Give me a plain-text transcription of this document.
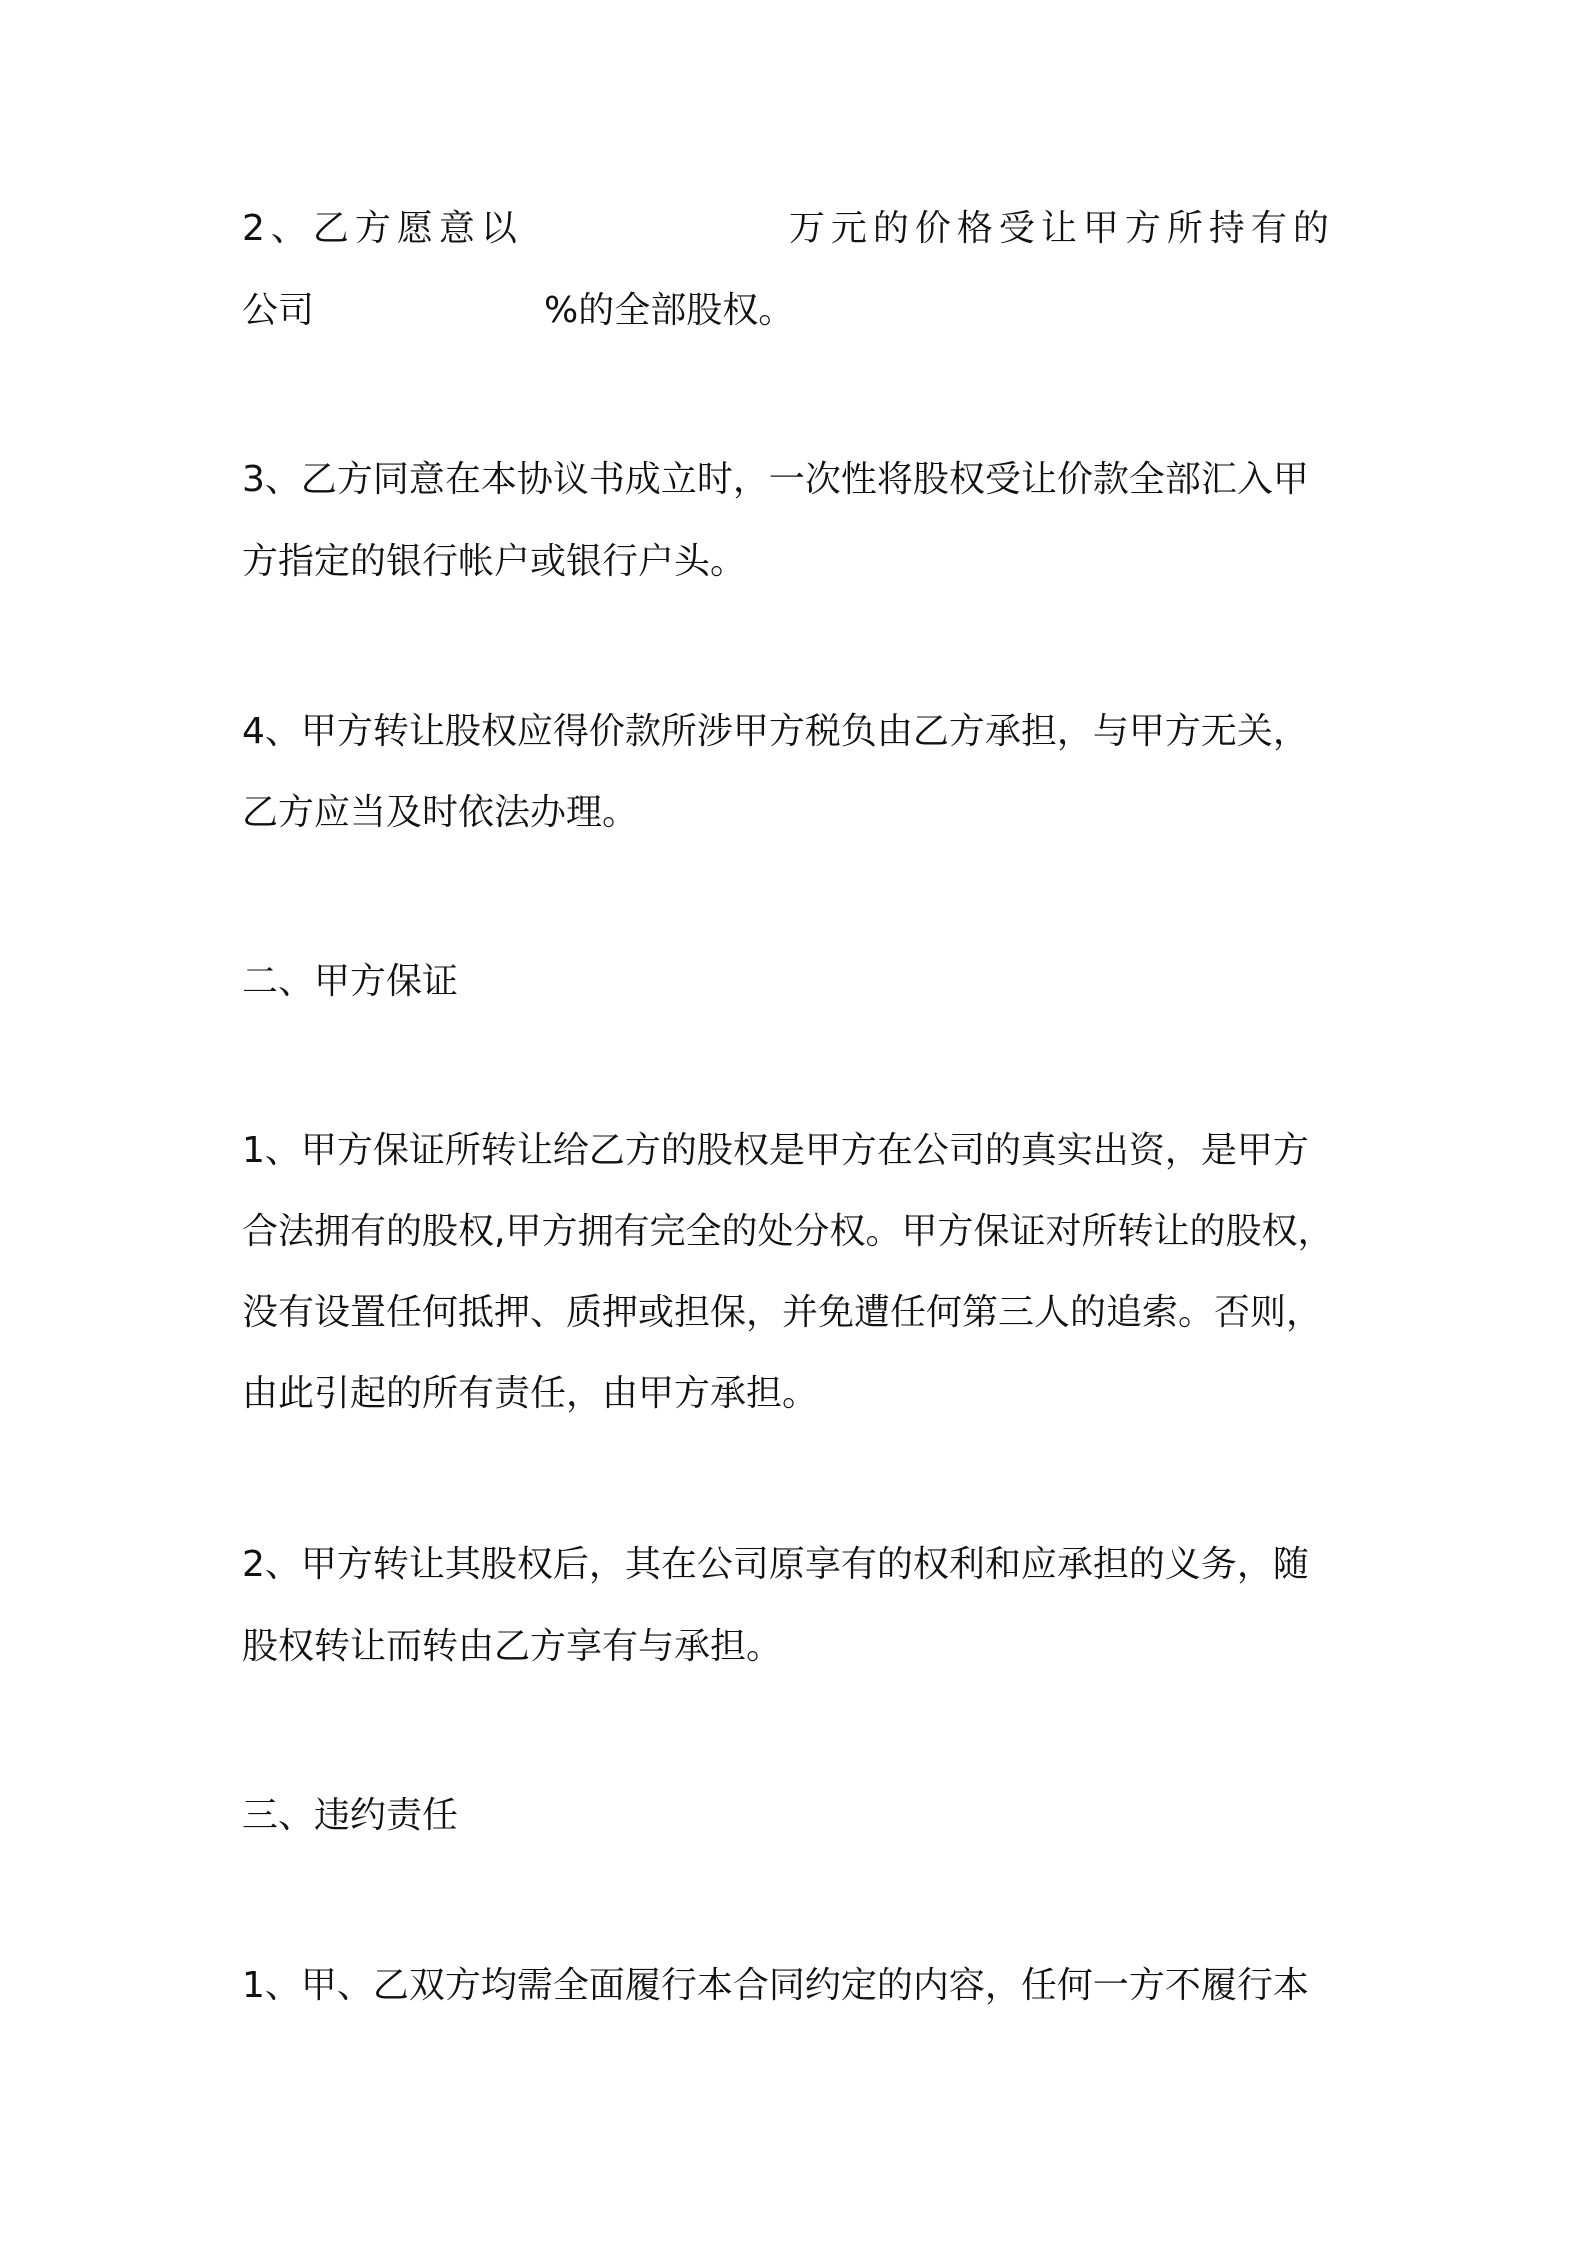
2、乙方愿意以	万元的价格受让甲方所持有的
公司	%的全部股权。
3、乙方同意在本协议书成立时，一次性将股权受让价款全部汇入甲
方指定的银行帐户或银行户头。
4、甲方转让股权应得价款所涉甲方税负由乙方承担，与甲方无关，
乙方应当及时依法办理。
二、甲方保证
1、甲方保证所转让给乙方的股权是甲方在公司的真实出资，是甲方
合法拥有的股权,甲方拥有完全的处分权。甲方保证对所转让的股权，
没有设置任何抵押、质押或担保，并免遭任何第三人的追索。否则，
由此引起的所有责任，由甲方承担。
2、甲方转让其股权后，其在公司原享有的权利和应承担的义务，随
股权转让而转由乙方享有与承担。
三、违约责任
1、甲、乙双方均需全面履行本合同约定的内容，任何一方不履行本
